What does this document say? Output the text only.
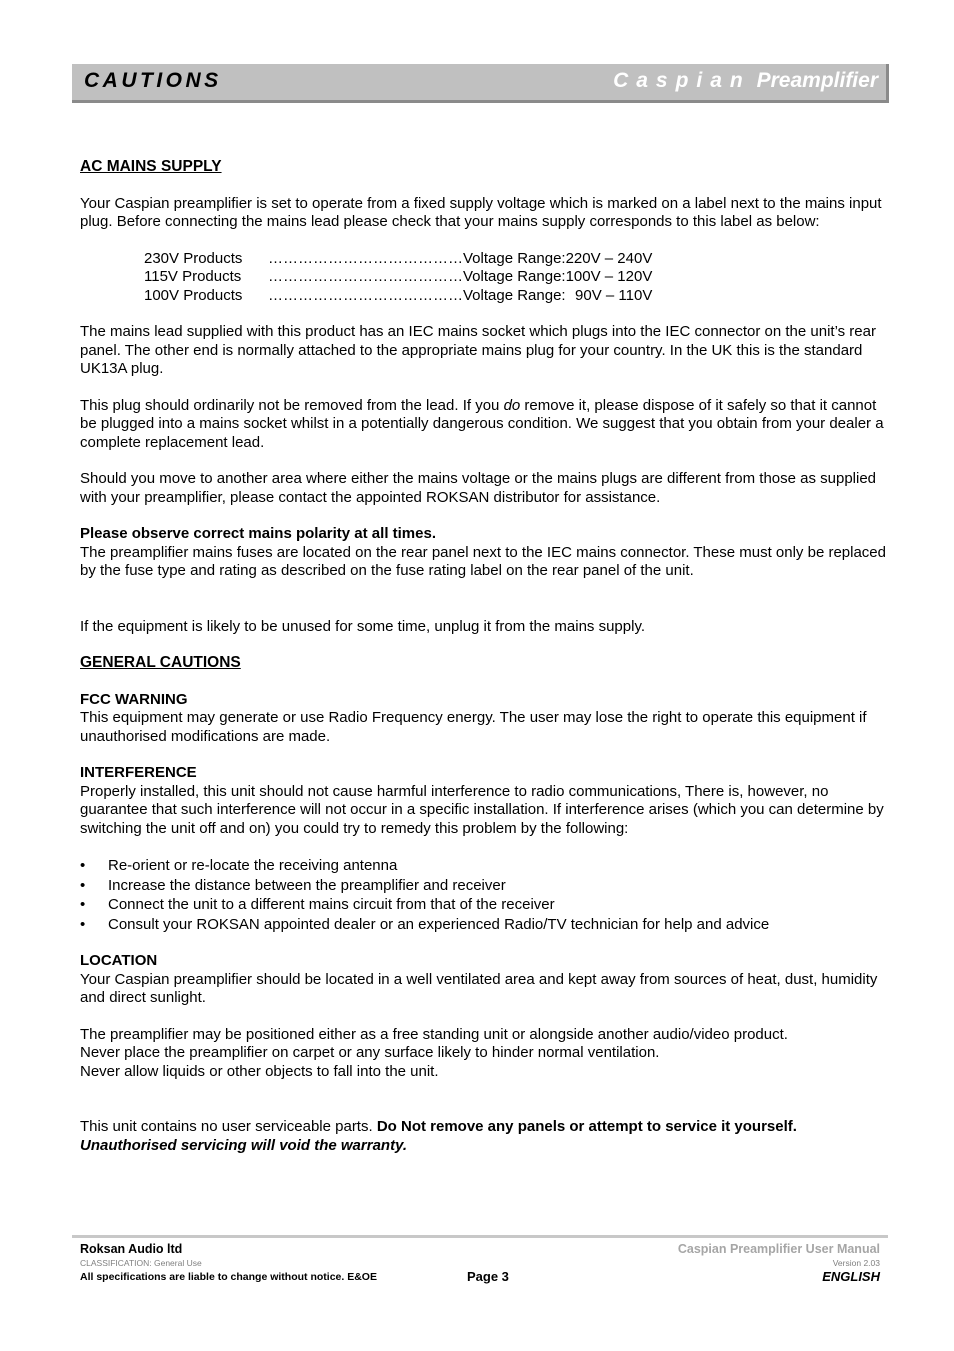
CAUTIONS	Caspian Preamplifier

AC MAINS SUPPLY

Your Caspian preamplifier is set to operate from a fixed supply voltage which is marked on a label next to the mains input plug. Before connecting the mains lead please check that your mains supply corresponds to this label as below:

230V Products	…………………………………	Voltage Range:	220V – 240V
115V Products	…………………………………	Voltage Range:	100V – 120V
100V Products	…………………………………	Voltage Range:	90V – 110V

The mains lead supplied with this product has an IEC mains socket which plugs into the IEC connector on the unit’s rear panel. The other end is normally attached to the appropriate mains plug for your country. In the UK this is the standard UK13A plug.

This plug should ordinarily not be removed from the lead. If you do remove it, please dispose of it safely so that it cannot be plugged into a mains socket whilst in a potentially dangerous condition. We suggest that you obtain from your dealer a complete replacement lead.

Should you move to another area where either the mains voltage or the mains plugs are different from those as supplied with your preamplifier, please contact the appointed ROKSAN distributor for assistance.

Please observe correct mains polarity at all times.

The preamplifier mains fuses are located on the rear panel next to the IEC mains connector. These must only be replaced by the fuse type and rating as described on the fuse rating label on the rear panel of the unit.

If the equipment is likely to be unused for some time, unplug it from the mains supply.

GENERAL CAUTIONS

FCC WARNING

This equipment may generate or use Radio Frequency energy. The user may lose the right to operate this equipment if unauthorised modifications are made.

INTERFERENCE

Properly installed, this unit should not cause harmful interference to radio communications, There is, however, no guarantee that such interference will not occur in a specific installation. If interference arises (which you can determine by switching the unit off and on) you could try to remedy this problem by the following:

• Re-orient or re-locate the receiving antenna
• Increase the distance between the preamplifier and receiver
• Connect the unit to a different mains circuit from that of the receiver
• Consult your ROKSAN appointed dealer or an experienced Radio/TV technician for help and advice

LOCATION

Your Caspian preamplifier should be located in a well ventilated area and kept away from sources of heat, dust, humidity and direct sunlight.

The preamplifier may be positioned either as a free standing unit or alongside another audio/video product.

Never place the preamplifier on carpet or any surface likely to hinder normal ventilation.

Never allow liquids or other objects to fall into the unit.

This unit contains no user serviceable parts. Do Not remove any panels or attempt to service it yourself.
Unauthorised servicing will void the warranty.

Roksan Audio ltd	Caspian Preamplifier User Manual
CLASSIFICATION: General Use	Version 2.03
All specifications are liable to change without notice. E&OE	Page 3	ENGLISH
